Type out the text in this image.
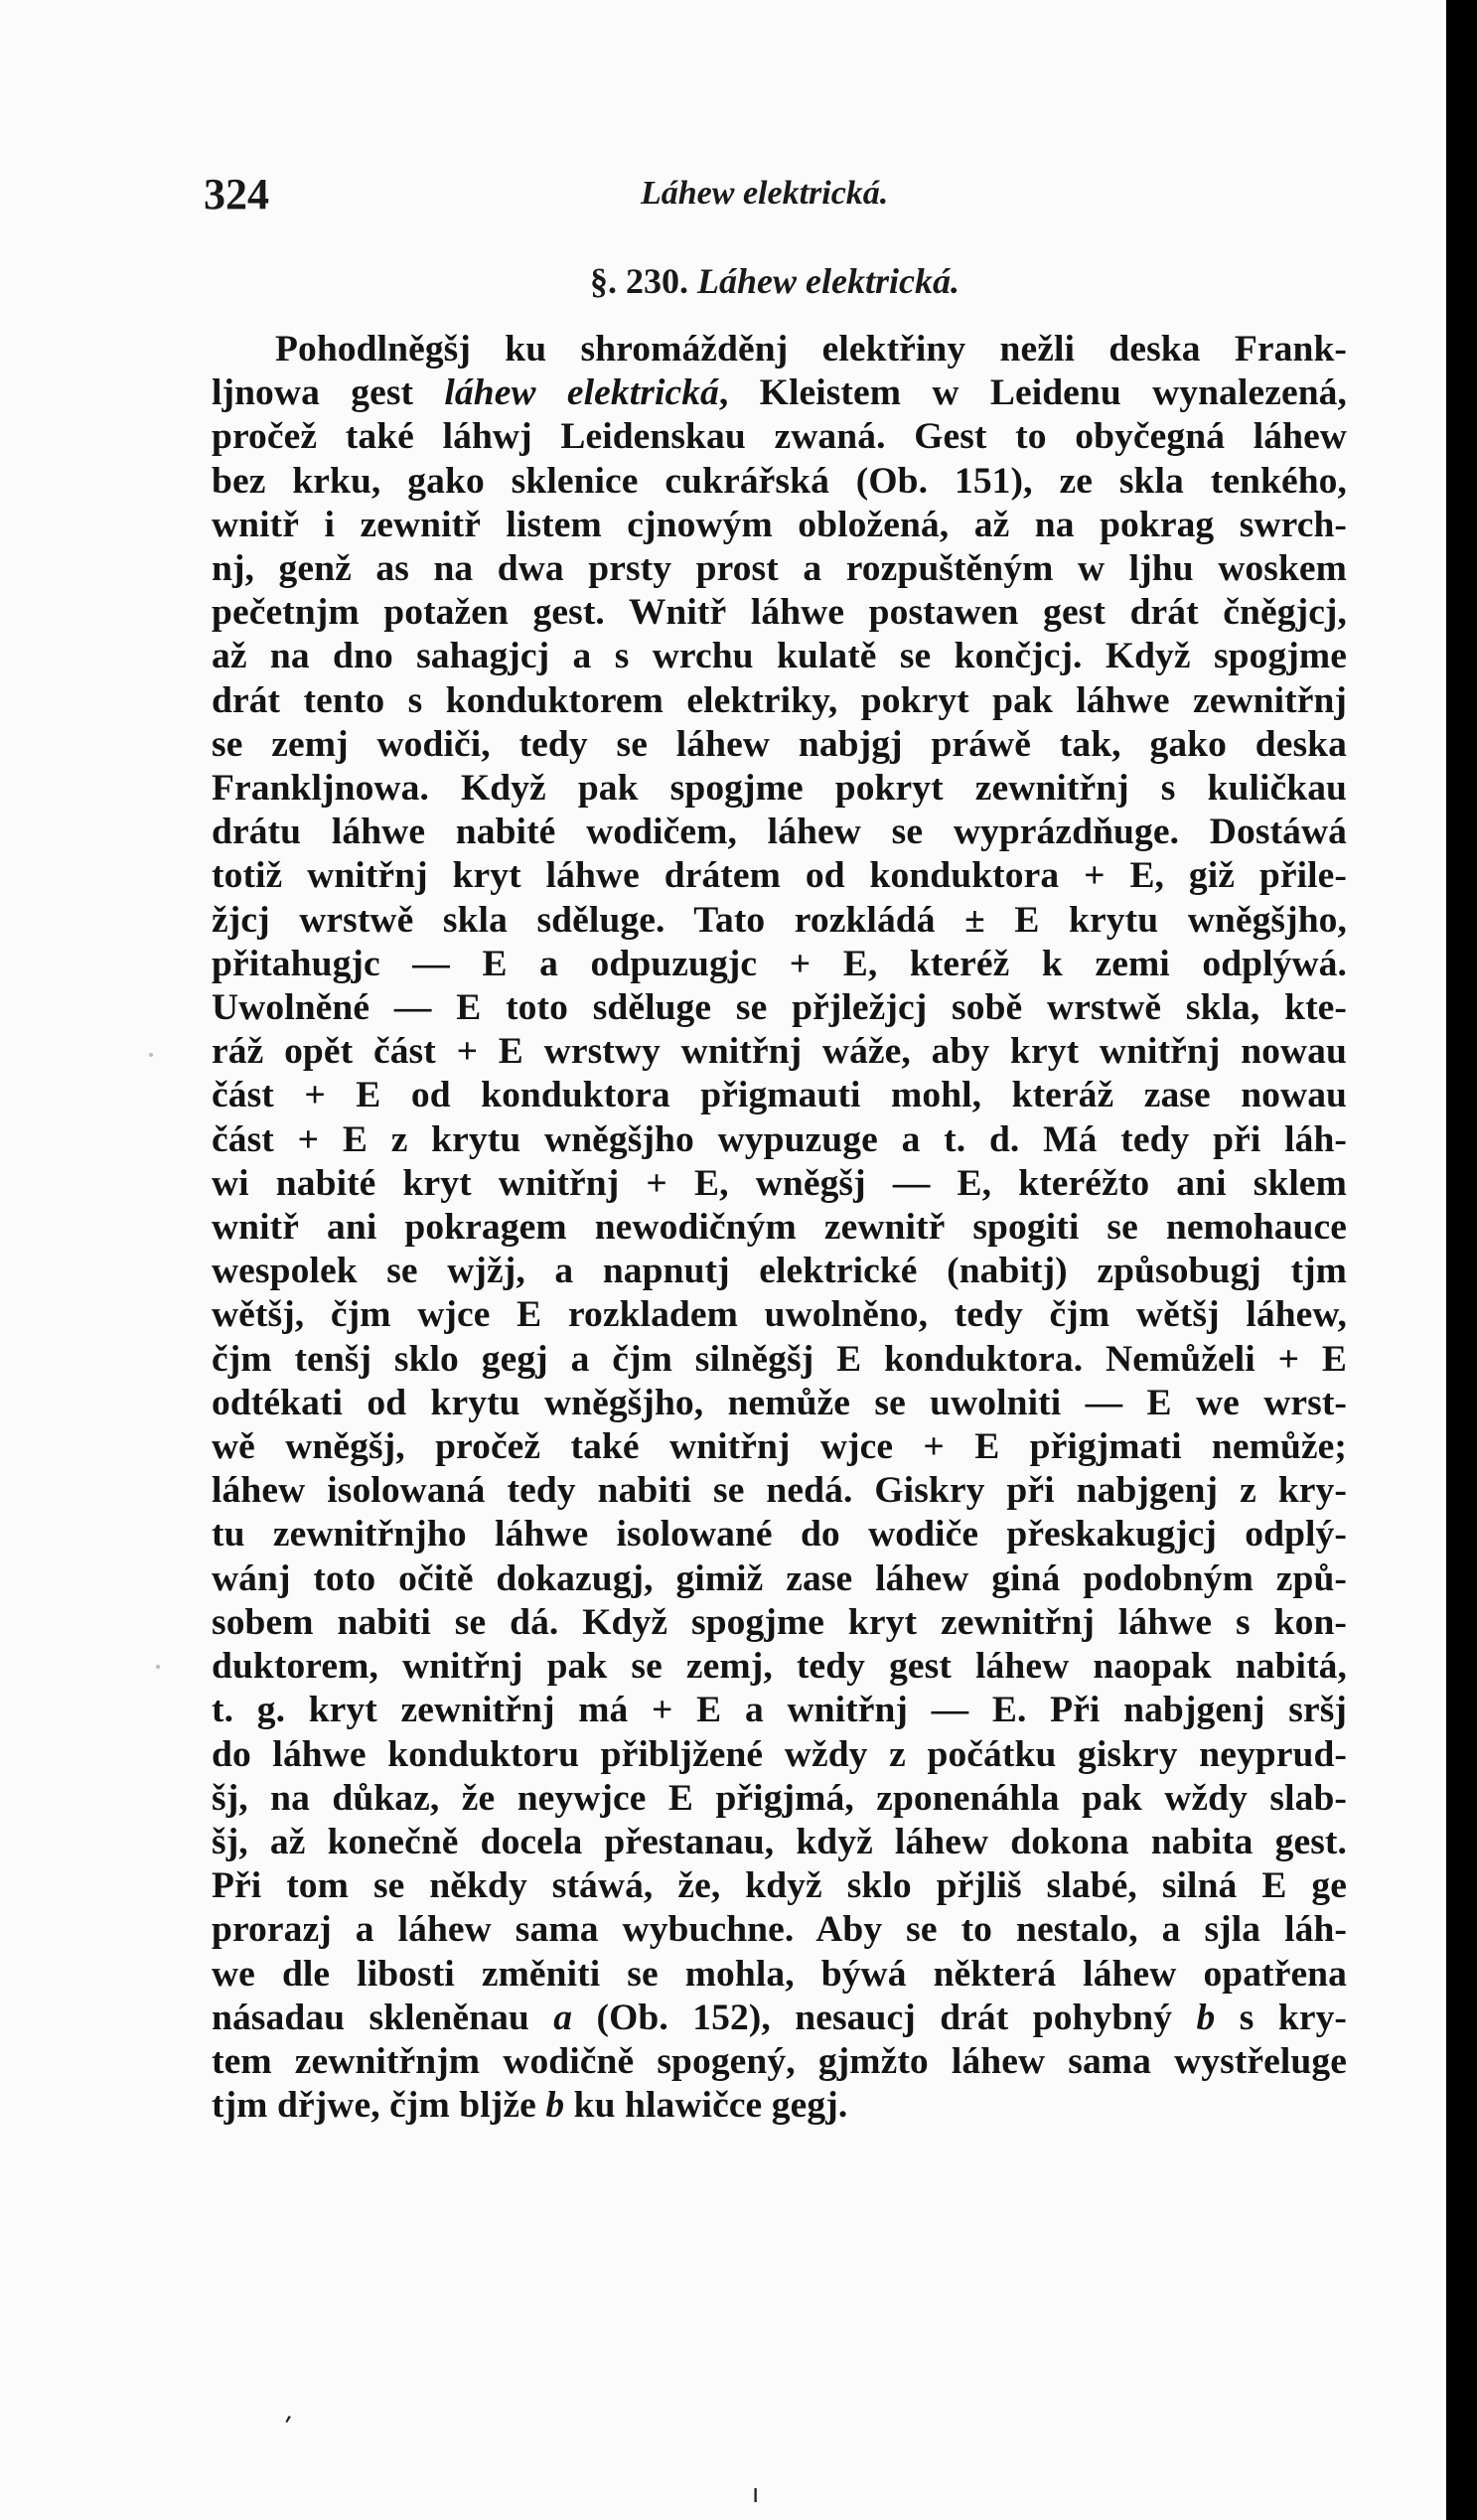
324	Láhew elektrická.
§. 230. Láhew elektrická.
Pohodlněgšj ku shromážděnj elektřiny nežli deska Frank-
ljnowa gest láhew elektrická, Kleistem w Leidenu wynalezená,
pročež také láhwj Leidenskau zwaná. Gest to obyčegná láhew
bez krku, gako sklenice cukrářská (Ob. 151), ze skla tenkého,
wnitř i zewnitř listem cjnowým obložená, až na pokrag swrch-
nj, genž as na dwa prsty prost a rozpuštěným w ljhu woskem
pečetnjm potažen gest. Wnitř láhwe postawen gest drát čněgjcj,
až na dno sahagjcj a s wrchu kulatě se končjcj. Když spogjme
drát tento s konduktorem elektriky, pokryt pak láhwe zewnitřnj
se zemj wodiči, tedy se láhew nabjgj práwě tak, gako deska
Frankljnowa. Když pak spogjme pokryt zewnitřnj s kuličkau
drátu láhwe nabité wodičem, láhew se wyprázdňuge. Dostáwá
totiž wnitřnj kryt láhwe drátem od konduktora + E, giž přile-
žjcj wrstwě skla sděluge. Tato rozkládá ± E krytu wněgšjho,
přitahugjc — E a odpuzugjc + E, kteréž k zemi odplýwá.
Uwolněné — E toto sděluge se přjležjcj sobě wrstwě skla, kte-
ráž opět část + E wrstwy wnitřnj wáže, aby kryt wnitřnj nowau
část + E od konduktora přigmauti mohl, kteráž zase nowau
část + E z krytu wněgšjho wypuzuge a t. d. Má tedy při láh-
wi nabité kryt wnitřnj + E, wněgšj — E, kteréžto ani sklem
wnitř ani pokragem newodičným zewnitř spogiti se nemohauce
wespolek se wjžj, a napnutj elektrické (nabitj) způsobugj tjm
wětšj, čjm wjce E rozkladem uwolněno, tedy čjm wětšj láhew,
čjm tenšj sklo gegj a čjm silněgšj E konduktora. Nemůželi + E
odtékati od krytu wněgšjho, nemůže se uwolniti — E we wrst-
wě wněgšj, pročež také wnitřnj wjce + E přigjmati nemůže;
láhew isolowaná tedy nabiti se nedá. Giskry při nabjgenj z kry-
tu zewnitřnjho láhwe isolowané do wodiče přeskakugjcj odplý-
wánj toto očitě dokazugj, gimiž zase láhew giná podobným způ-
sobem nabiti se dá. Když spogjme kryt zewnitřnj láhwe s kon-
duktorem, wnitřnj pak se zemj, tedy gest láhew naopak nabitá,
t. g. kryt zewnitřnj má + E a wnitřnj — E. Při nabjgenj sršj
do láhwe konduktoru přibljžené wždy z počátku giskry neyprud-
šj, na důkaz, že neywjce E přigjmá, zponenáhla pak wždy slab-
šj, až konečně docela přestanau, když láhew dokona nabita gest.
Při tom se někdy stáwá, že, když sklo přjliš slabé, silná E ge
prorazj a láhew sama wybuchne. Aby se to nestalo, a sjla láh-
we dle libosti změniti se mohla, býwá některá láhew opatřena
násadau skleněnau a (Ob. 152), nesaucj drát pohybný b s kry-
tem zewnitřnjm wodičně spogený, gjmžto láhew sama wystřeluge
tjm dřjwe, čjm bljže b ku hlawičce gegj.
ʹ
ı
